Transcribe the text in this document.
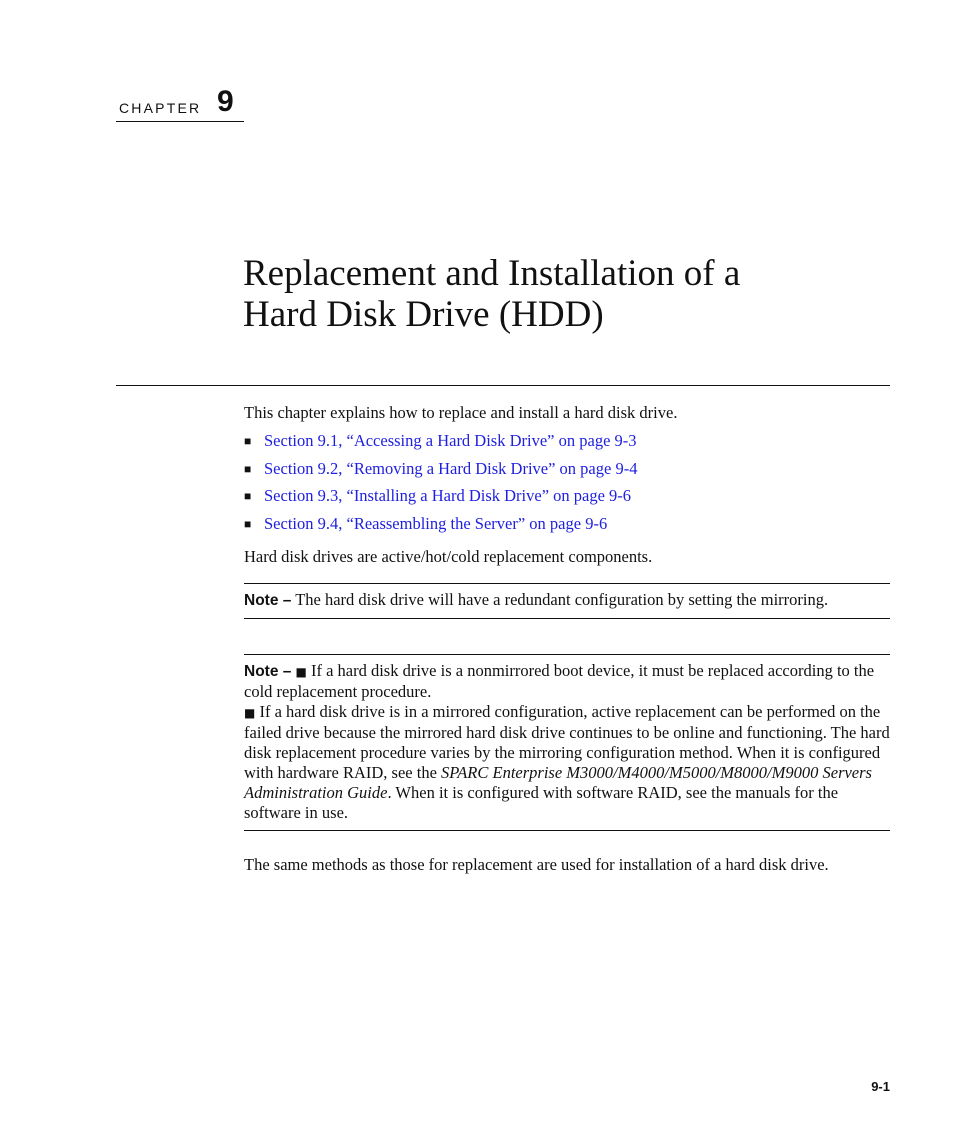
CHAPTER 9
Replacement and Installation of a
Hard Disk Drive (HDD)

This chapter explains how to replace and install a hard disk drive.

■ Section 9.1, “Accessing a Hard Disk Drive” on page 9-3
■ Section 9.2, “Removing a Hard Disk Drive” on page 9-4
■ Section 9.3, “Installing a Hard Disk Drive” on page 9-6
■ Section 9.4, “Reassembling the Server” on page 9-6

Hard disk drives are active/hot/cold replacement components.

Note – The hard disk drive will have a redundant configuration by setting the mirroring.
Note – ■ If a hard disk drive is a nonmirrored boot device, it must be replaced according to the cold replacement procedure.
■ If a hard disk drive is in a mirrored configuration, active replacement can be performed on the failed drive because the mirrored hard disk drive continues to be online and functioning. The hard disk replacement procedure varies by the mirroring configuration method. When it is configured with hardware RAID, see the SPARC Enterprise M3000/M4000/M5000/M8000/M9000 Servers Administration Guide. When it is configured with software RAID, see the manuals for the software in use.

The same methods as those for replacement are used for installation of a hard disk drive.

9-1
